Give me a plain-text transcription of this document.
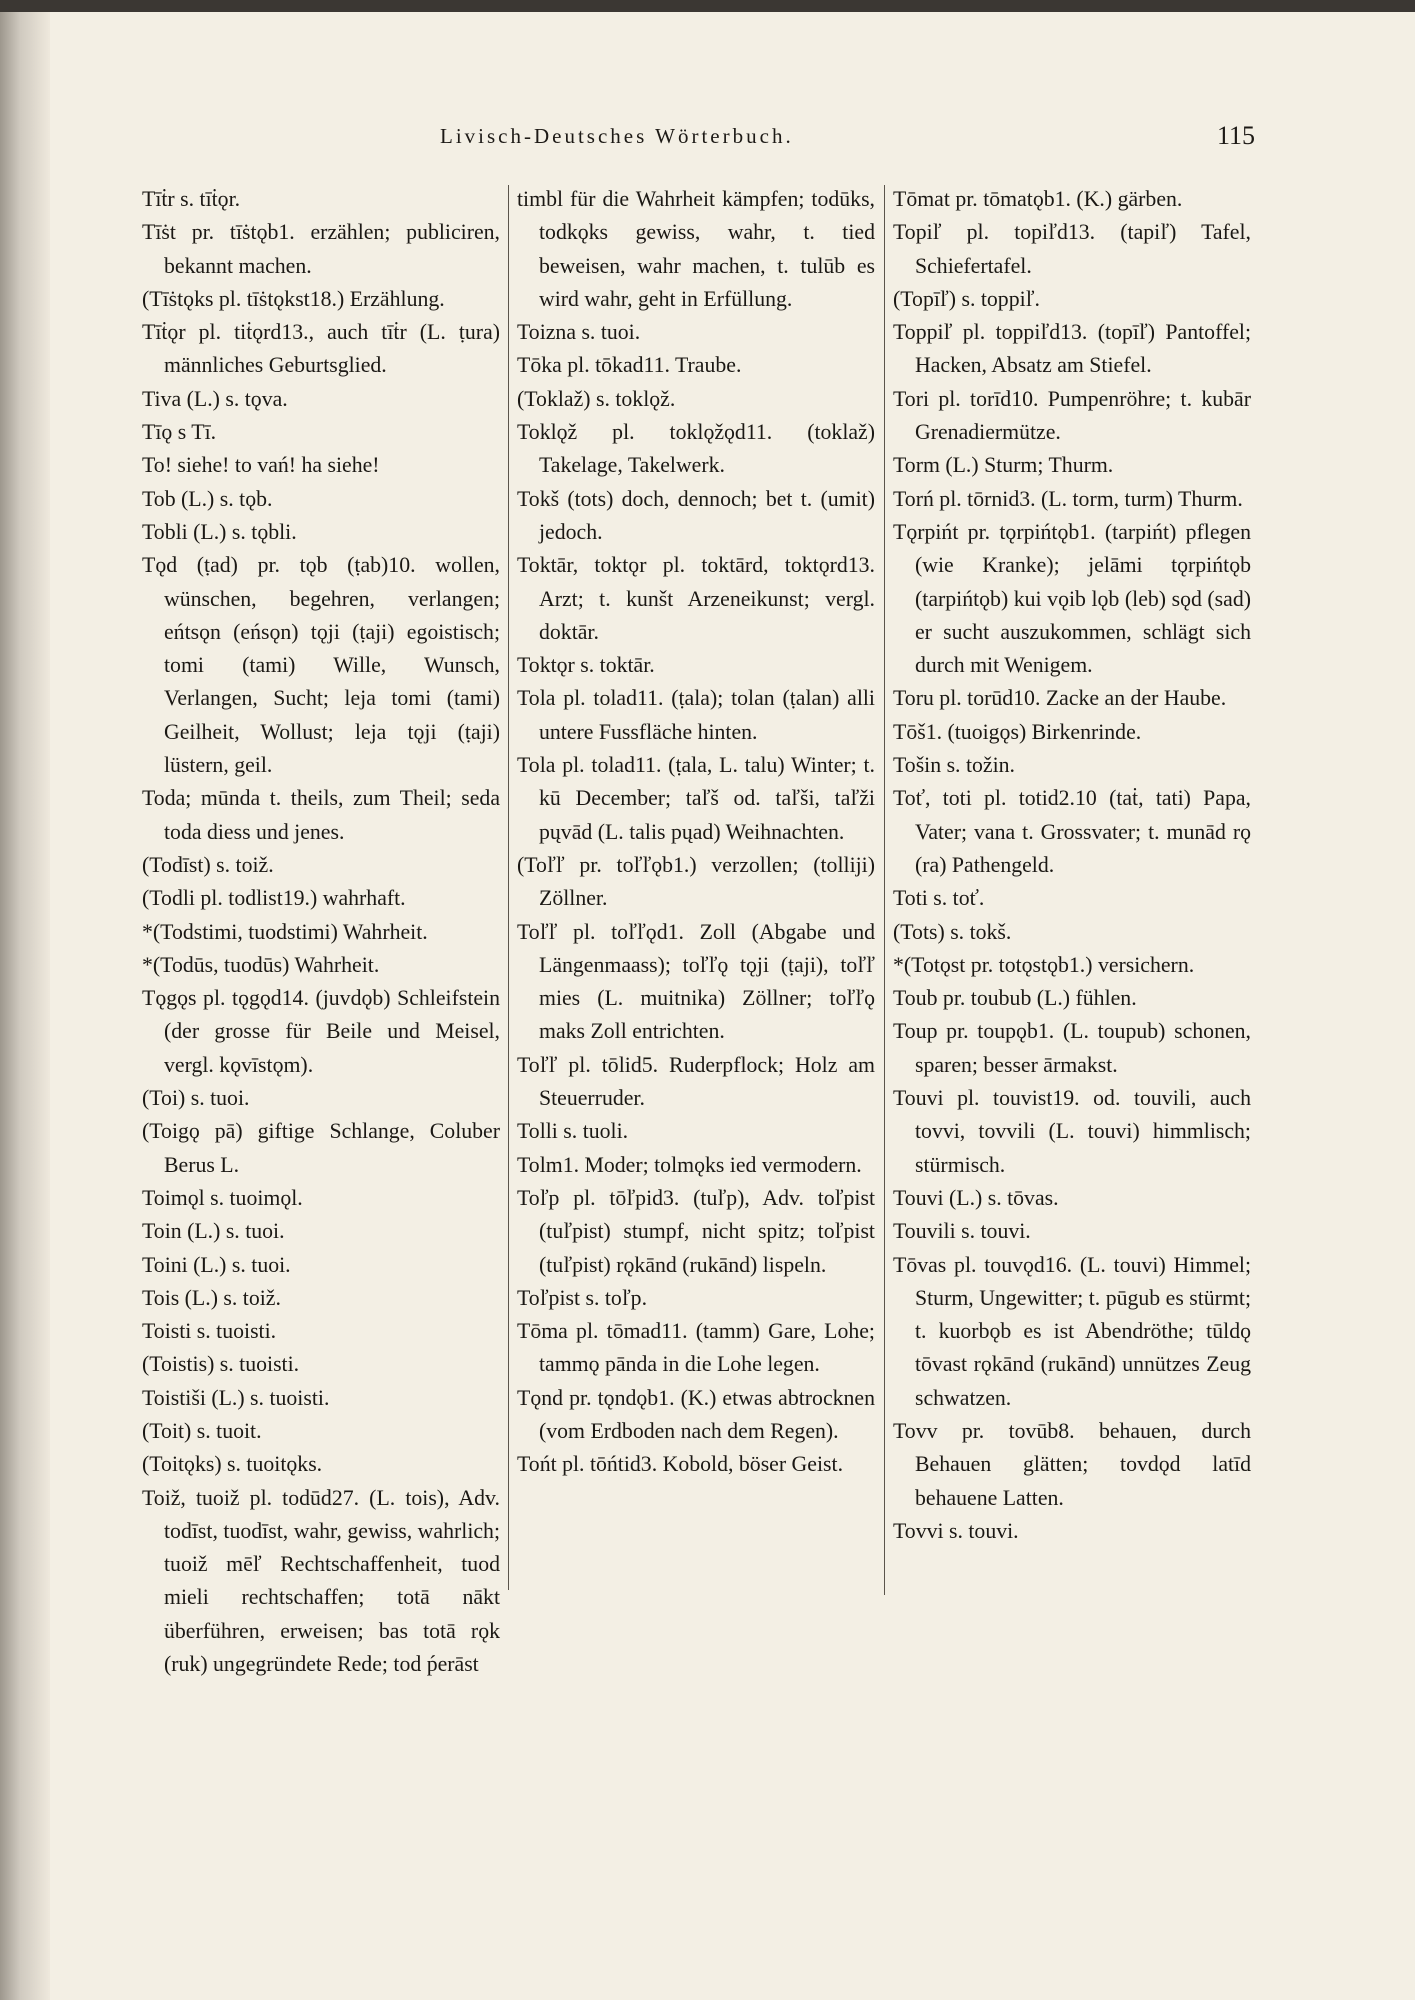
Livisch-Deutsches Wörterbuch.	115

Tīṫr s. tīṫǫr.

Tīṡt pr. tīṡtǫb1. erzählen; publiciren, bekannt machen.

(Tīṡtǫks pl. tīṡtǫkst18.) Erzählung.

Tīṫǫr pl. tiṫǫrd13., auch tīṫr (L. ṭura) männliches Geburtsglied.

Tiva (L.) s. tǫva.

Tīǫ s Tī.

To! siehe! to vań! ha siehe!

Tob (L.) s. tǫb.

Tobli (L.) s. tǫbli.

Tǫd (ṭad) pr. tǫb (ṭab)10. wollen, wünschen, begehren, verlangen; eńtsǫn (eńsǫn) tǫji (ṭaji) egoistisch; tomi (tami) Wille, Wunsch, Verlangen, Sucht; leja tomi (tami) Geilheit, Wollust; leja tǫji (ṭaji) lüstern, geil.

Toda; mūnda t. theils, zum Theil; seda toda diess und jenes.

(Todīst) s. toiž.

(Todli pl. todlist19.) wahrhaft.

*(Todstimi, tuodstimi) Wahrheit.

*(Todūs, tuodūs) Wahrheit.

Tǫgǫs pl. tǫgǫd14. (juvdǫb) Schleifstein (der grosse für Beile und Meisel, vergl. kǫvīstǫm).

(Toi) s. tuoi.

(Toigǫ pā) giftige Schlange, Coluber Berus L.

Toimǫl s. tuoimǫl.

Toin (L.) s. tuoi.

Toini (L.) s. tuoi.

Tois (L.) s. toiž.

Toisti s. tuoisti.

(Toistis) s. tuoisti.

Toistiši (L.) s. tuoisti.

(Toit) s. tuoit.

(Toitǫks) s. tuoitǫks.

Toiž, tuoiž pl. todūd27. (L. tois), Adv. todīst, tuodīst, wahr, gewiss, wahrlich; tuoiž mēľ Rechtschaffenheit, tuod mieli rechtschaffen; totā nākt überführen, erweisen; bas totā rǫk (ruk) ungegründete Rede; tod ṕerāst

timbl für die Wahrheit kämpfen; todūks, todkǫks gewiss, wahr, t. tied beweisen, wahr machen, t. tulūb es wird wahr, geht in Erfüllung.

Toizna s. tuoi.

Tōka pl. tōkad11. Traube.

(Toklaž) s. toklǫž.

Toklǫž pl. toklǫžǫd11. (toklaž) Takelage, Takelwerk.

Tokš (tots) doch, dennoch; bet t. (umit) jedoch.

Toktār, toktǫr pl. toktārd, toktǫrd13. Arzt; t. kunšt Arzeneikunst; vergl. doktār.

Toktǫr s. toktār.

Tola pl. tolad11. (ṭala); tolan (ṭalan) alli untere Fussfläche hinten.

Tola pl. tolad11. (ṭala, L. talu) Winter; t. kū December; taľš od. taľši, taľži pųvād (L. talis pųad) Weihnachten.

(Toľľ pr. toľľǫb1.) verzollen; (tolliji) Zöllner.

Toľľ pl. toľľǫd1. Zoll (Abgabe und Längenmaass); toľľǫ tǫji (ṭaji), toľľ mies (L. muitnika) Zöllner; toľľǫ maks Zoll entrichten.

Toľľ pl. tōlid5. Ruderpflock; Holz am Steuerruder.

Tolli s. tuoli.

Tolm1. Moder; tolmǫks ied vermodern.

Toľp pl. tōľpid3. (tuľp), Adv. toľpist (tuľpist) stumpf, nicht spitz; toľpist (tuľpist) rǫkānd (rukānd) lispeln.

Toľpist s. toľp.

Tōma pl. tōmad11. (tamm) Gare, Lohe; tammǫ pānda in die Lohe legen.

Tǫnd pr. tǫndǫb1. (K.) etwas abtrocknen (vom Erdboden nach dem Regen).

Tońt pl. tōńtid3. Kobold, böser Geist.

Tōmat pr. tōmatǫb1. (K.) gärben.

Topiľ pl. topiľd13. (tapiľ) Tafel, Schiefertafel.

(Topīľ) s. toppiľ.

Toppiľ pl. toppiľd13. (topīľ) Pantoffel; Hacken, Absatz am Stiefel.

Tori pl. torīd10. Pumpenröhre; t. kubār Grenadiermütze.

Torm (L.) Sturm; Thurm.

Torń pl. tōrnid3. (L. torm, turm) Thurm.

Tǫrpińt pr. tǫrpińtǫb1. (tarpińt) pflegen (wie Kranke); jelāmi tǫrpińtǫb (tarpińtǫb) kui vǫib lǫb (leb) sǫd (sad) er sucht auszukommen, schlägt sich durch mit Wenigem.

Toru pl. torūd10. Zacke an der Haube.

Tōš1. (tuoigǫs) Birkenrinde.

Tošin s. tožin.

Toť, toti pl. totid2.10 (taṫ, tati) Papa, Vater; vana t. Grossvater; t. munād rǫ (ra) Pathengeld.

Toti s. toť.

(Tots) s. tokš.

*(Totǫst pr. totǫstǫb1.) versichern.

Toub pr. toubub (L.) fühlen.

Toup pr. toupǫb1. (L. toupub) schonen, sparen; besser ārmakst.

Touvi pl. touvist19. od. touvili, auch tovvi, tovvili (L. touvi) himmlisch; stürmisch.

Touvi (L.) s. tōvas.

Touvili s. touvi.

Tōvas pl. touvǫd16. (L. touvi) Himmel; Sturm, Ungewitter; t. pūgub es stürmt; t. kuorbǫb es ist Abendröthe; tūldǫ tōvast rǫkānd (rukānd) unnützes Zeug schwatzen.

Tovv pr. tovūb8. behauen, durch Behauen glätten; tovdǫd latīd behauene Latten.

Tovvi s. touvi.
